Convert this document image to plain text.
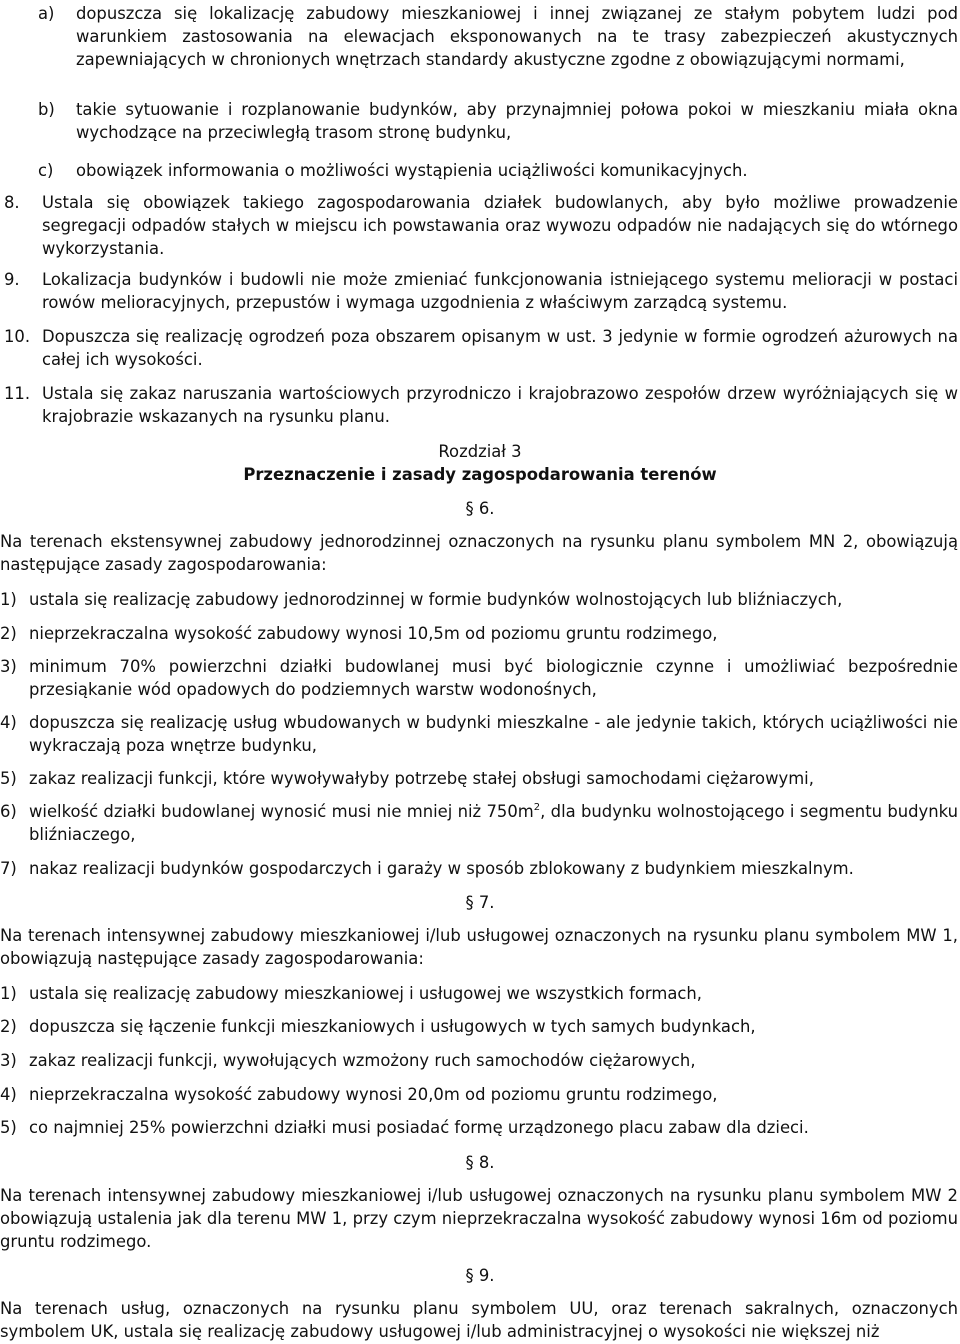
a) dopuszcza się lokalizację zabudowy mieszkaniowej i innej związanej ze stałym pobytem ludzi pod warunkiem zastosowania na elewacjach eksponowanych na te trasy zabezpieczeń akustycznych zapewniających w chronionych wnętrzach standardy akustyczne zgodne z obowiązującymi normami,
b) takie sytuowanie i rozplanowanie budynków, aby przynajmniej połowa pokoi w mieszkaniu miała okna wychodzące na przeciwległą trasom stronę budynku,
c) obowiązek informowania o możliwości wystąpienia uciążliwości komunikacyjnych.
8. Ustala się obowiązek takiego zagospodarowania działek budowlanych, aby było możliwe prowadzenie segregacji odpadów stałych w miejscu ich powstawania oraz wywozu odpadów nie nadających się do wtórnego wykorzystania.
9. Lokalizacja budynków i budowli nie może zmieniać funkcjonowania istniejącego systemu melioracji w postaci rowów melioracyjnych, przepustów i wymaga uzgodnienia z właściwym zarządcą systemu.
10. Dopuszcza się realizację ogrodzeń poza obszarem opisanym w ust. 3 jedynie w formie ogrodzeń ażurowych na całej ich wysokości.
11. Ustala się zakaz naruszania wartościowych przyrodniczo i krajobrazowo zespołów drzew wyróżniających się w krajobrazie wskazanych na rysunku planu.
Rozdział 3
Przeznaczenie i zasady zagospodarowania terenów
§ 6.
Na terenach ekstensywnej zabudowy jednorodzinnej oznaczonych na rysunku planu symbolem MN 2, obowiązują następujące zasady zagospodarowania:
1) ustala się realizację zabudowy jednorodzinnej w formie budynków wolnostojących lub bliźniaczych,
2) nieprzekraczalna wysokość zabudowy wynosi 10,5m od poziomu gruntu rodzimego,
3) minimum 70% powierzchni działki budowlanej musi być biologicznie czynne i umożliwiać bezpośrednie przesiąkanie wód opadowych do podziemnych warstw wodonośnych,
4) dopuszcza się realizację usług wbudowanych w budynki mieszkalne - ale jedynie takich, których uciążliwości nie wykraczają poza wnętrze budynku,
5) zakaz realizacji funkcji, które wywoływałyby potrzebę stałej obsługi samochodami ciężarowymi,
6) wielkość działki budowlanej wynosić musi nie mniej niż $750m^2$, dla budynku wolnostojącego i segmentu budynku bliźniaczego,
7) nakaz realizacji budynków gospodarczych i garaży w sposób zblokowany z budynkiem mieszkalnym.
§ 7.
Na terenach intensywnej zabudowy mieszkaniowej i/lub usługowej oznaczonych na rysunku planu symbolem MW 1, obowiązują następujące zasady zagospodarowania:
1) ustala się realizację zabudowy mieszkaniowej i usługowej we wszystkich formach,
2) dopuszcza się łączenie funkcji mieszkaniowych i usługowych w tych samych budynkach,
3) zakaz realizacji funkcji, wywołujących wzmożony ruch samochodów ciężarowych,
4) nieprzekraczalna wysokość zabudowy wynosi 20,0m od poziomu gruntu rodzimego,
5) co najmniej 25% powierzchni działki musi posiadać formę urządzonego placu zabaw dla dzieci.
§ 8.
Na terenach intensywnej zabudowy mieszkaniowej i/lub usługowej oznaczonych na rysunku planu symbolem MW 2 obowiązują ustalenia jak dla terenu MW 1, przy czym nieprzekraczalna wysokość zabudowy wynosi 16m od poziomu gruntu rodzimego.
§ 9.
Na terenach usług, oznaczonych na rysunku planu symbolem UU, oraz terenach sakralnych, oznaczonych symbolem UK, ustala się realizację zabudowy usługowej i/lub administracyjnej o wysokości nie większej niż
